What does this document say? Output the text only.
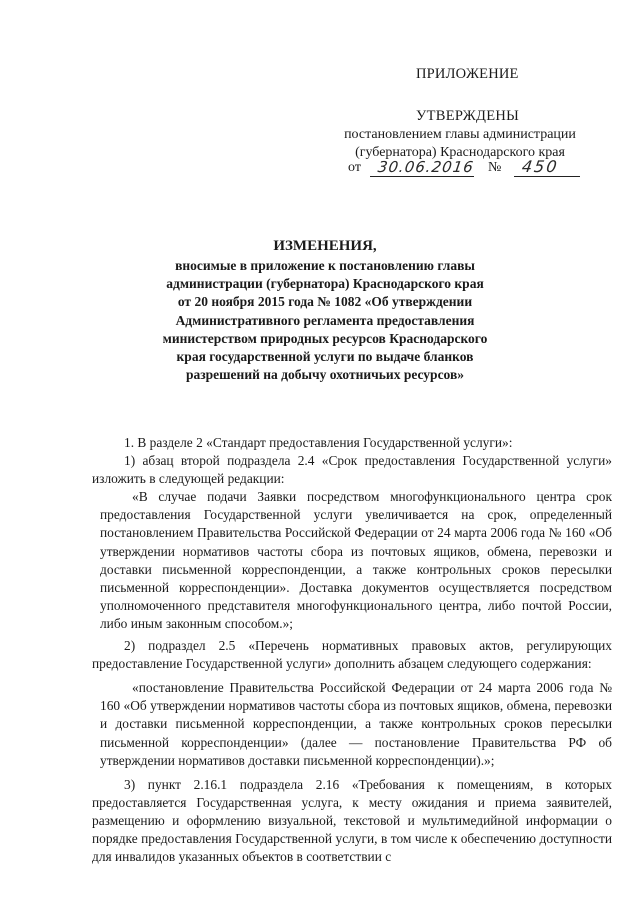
ПРИЛОЖЕНИЕ
УТВЕРЖДЕНЫ
постановлением главы администрации
(губернатора) Краснодарского края
от 30.06.2016 № 450
ИЗМЕНЕНИЯ,
вносимые в приложение к постановлению главы
администрации (губернатора) Краснодарского края
от 20 ноября 2015 года № 1082 «Об утверждении
Административного регламента предоставления
министерством природных ресурсов Краснодарского
края государственной услуги по выдаче бланков
разрешений на добычу охотничьих ресурсов»
1. В разделе 2 «Стандарт предоставления Государственной услуги»:
1) абзац второй подраздела 2.4 «Срок предоставления Государственной услуги» изложить в следующей редакции:
«В случае подачи Заявки посредством многофункционального центра срок предоставления Государственной услуги увеличивается на срок, определенный постановлением Правительства Российской Федерации от 24 марта 2006 года № 160 «Об утверждении нормативов частоты сбора из почтовых ящиков, обмена, перевозки и доставки письменной корреспонденции, а также контрольных сроков пересылки письменной корреспонденции». Доставка документов осуществляется посредством уполномоченного представителя многофункционального центра, либо почтой России, либо иным законным способом.»;
2) подраздел 2.5 «Перечень нормативных правовых актов, регулирующих предоставление Государственной услуги» дополнить абзацем следующего содержания:
«постановление Правительства Российской Федерации от 24 марта 2006 года № 160 «Об утверждении нормативов частоты сбора из почтовых ящиков, обмена, перевозки и доставки письменной корреспонденции, а также контрольных сроков пересылки письменной корреспонденции» (далее — постановление Правительства РФ об утверждении нормативов доставки письменной корреспонденции).»;
3) пункт 2.16.1 подраздела 2.16 «Требования к помещениям, в которых предоставляется Государственная услуга, к месту ожидания и приема заявителей, размещению и оформлению визуальной, текстовой и мультимедийной информации о порядке предоставления Государственной услуги, в том числе к обеспечению доступности для инвалидов указанных объектов в соответствии с
